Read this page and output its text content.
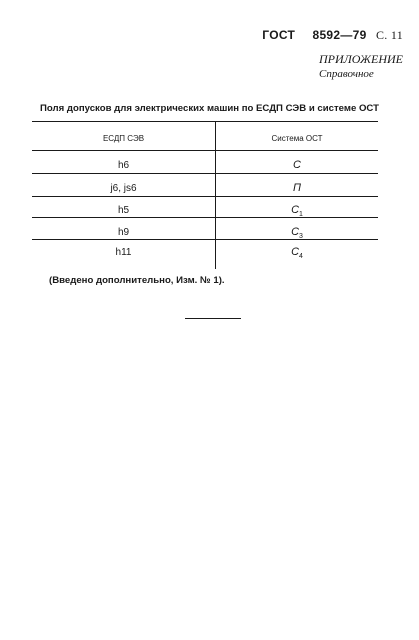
ГОСТ 8592—79 С. 11
ПРИЛОЖЕНИЕ
Справочное
Поля допусков для электрических машин по ЕСДП СЭВ и системе ОСТ
ЕСДП СЭВ	Система ОСТ
h6	С
j6, js6	П
h5	$С_1$
h9	$С_3$
h11	$С_4$
(Введено дополнительно, Изм. № 1).
